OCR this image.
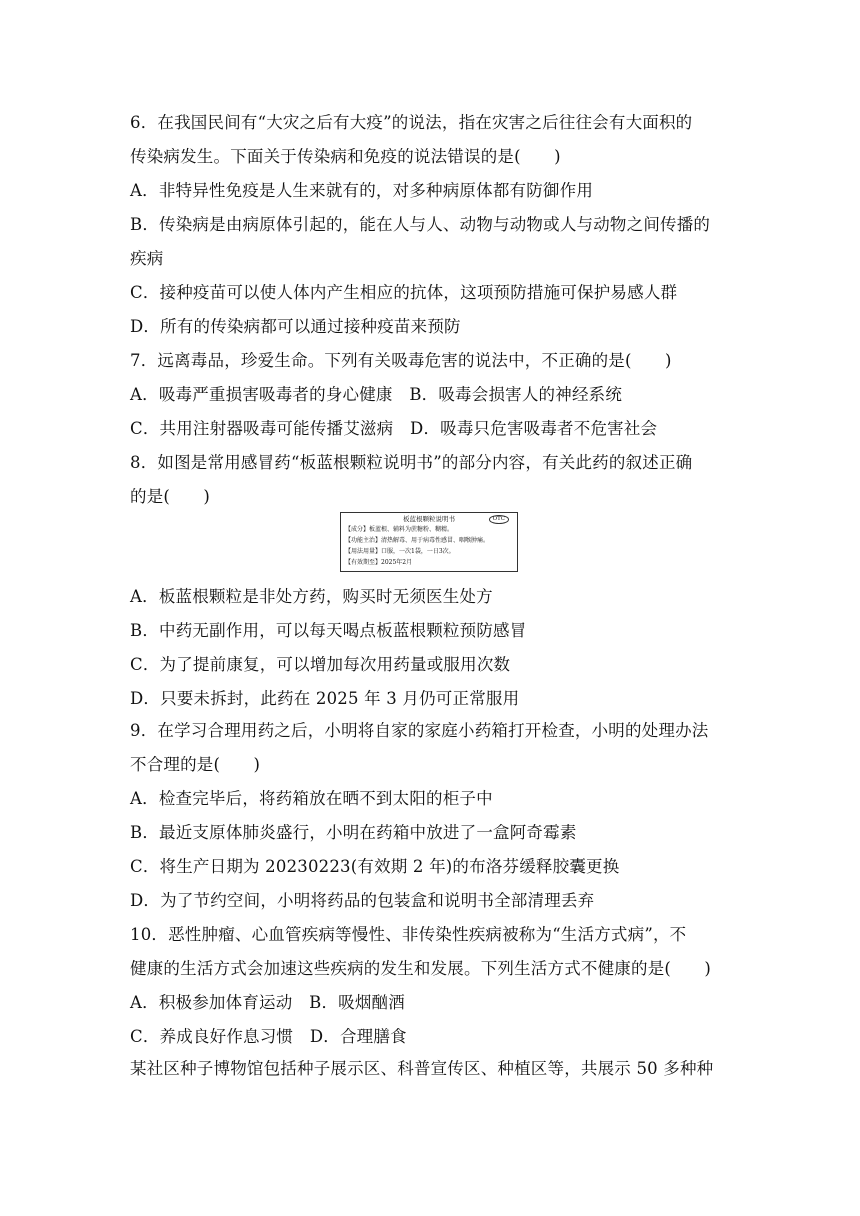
6．在我国民间有“大灾之后有大疫”的说法，指在灾害之后往往会有大面积的
传染病发生。下面关于传染病和免疫的说法错误的是(　　)
A．非特异性免疫是人生来就有的，对多种病原体都有防御作用
B．传染病是由病原体引起的，能在人与人、动物与动物或人与动物之间传播的
疾病
C．接种疫苗可以使人体内产生相应的抗体，这项预防措施可保护易感人群
D．所有的传染病都可以通过接种疫苗来预防
7．远离毒品，珍爱生命。下列有关吸毒危害的说法中，不正确的是(　　)
A．吸毒严重损害吸毒者的身心健康　B．吸毒会损害人的神经系统
C．共用注射器吸毒可能传播艾滋病　D．吸毒只危害吸毒者不危害社会
8．如图是常用感冒药“板蓝根颗粒说明书”的部分内容，有关此药的叙述正确
的是(　　)
板蓝根颗粒说明书	OTC
【成分】板蓝根、辅料为蔗糖粉、糊精。
【功能主治】清热解毒、用于病毒性感冒、咽喉肿痛。
【用法用量】口服，一次1袋，一日3次。
【有效期至】2025年2月
A．板蓝根颗粒是非处方药，购买时无须医生处方
B．中药无副作用，可以每天喝点板蓝根颗粒预防感冒
C．为了提前康复，可以增加每次用药量或服用次数
D．只要未拆封，此药在 2025 年 3 月仍可正常服用
9．在学习合理用药之后，小明将自家的家庭小药箱打开检查，小明的处理办法
不合理的是(　　)
A．检查完毕后，将药箱放在晒不到太阳的柜子中
B．最近支原体肺炎盛行，小明在药箱中放进了一盒阿奇霉素
C．将生产日期为 20230223(有效期 2 年)的布洛芬缓释胶囊更换
D．为了节约空间，小明将药品的包装盒和说明书全部清理丢弃
10．恶性肿瘤、心血管疾病等慢性、非传染性疾病被称为“生活方式病”，不
健康的生活方式会加速这些疾病的发生和发展。下列生活方式不健康的是(　　)
A．积极参加体育运动　B．吸烟酗酒
C．养成良好作息习惯　D．合理膳食
某社区种子博物馆包括种子展示区、科普宣传区、种植区等，共展示 50 多种种
